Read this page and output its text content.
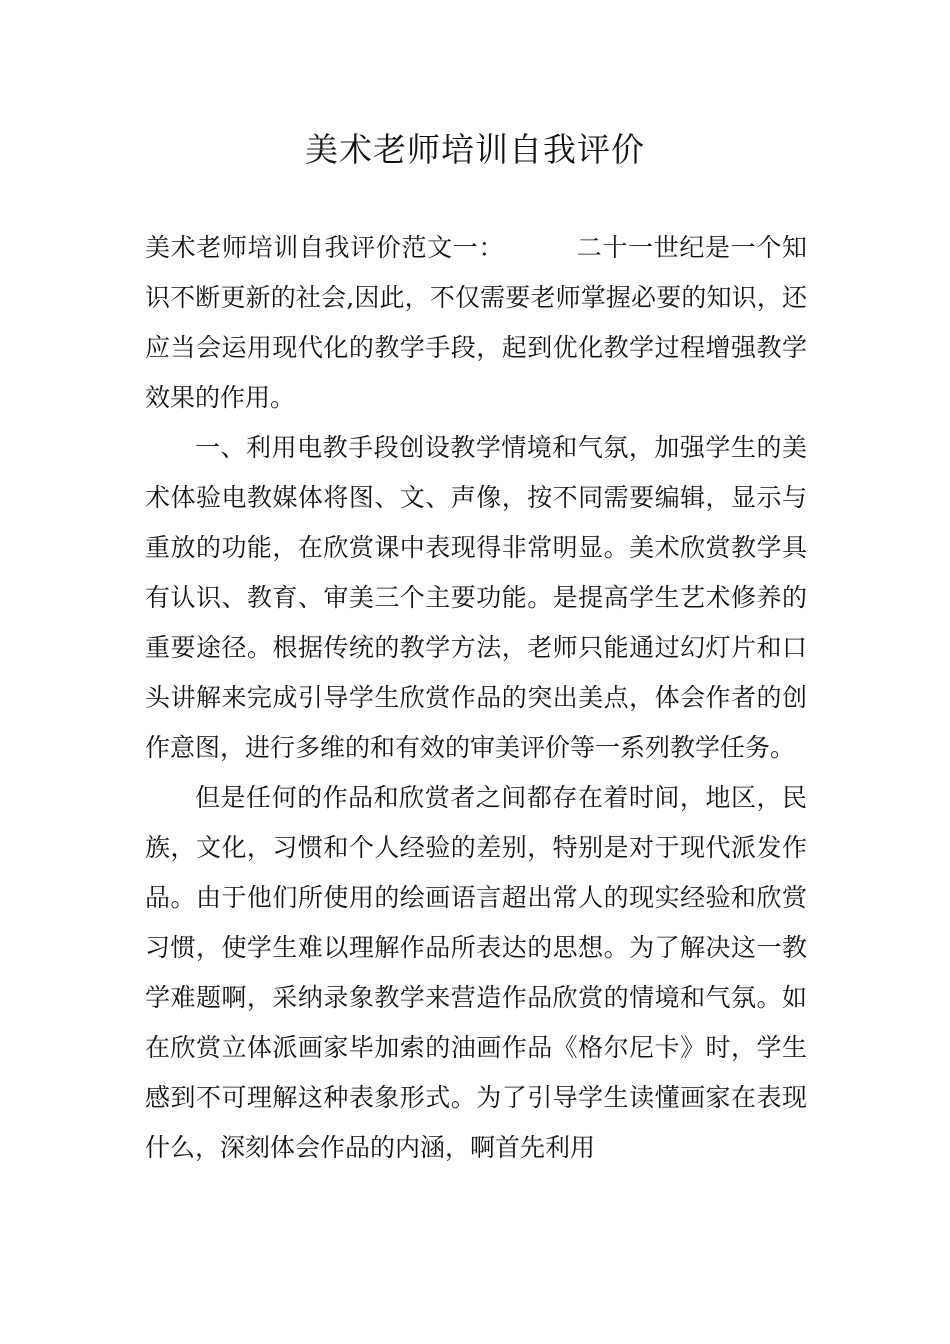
美术老师培训自我评价

美术老师培训自我评价范文一：	二十一世纪是一个知识不断更新的社会,因此，不仅需要老师掌握必要的知识，还应当会运用现代化的教学手段，起到优化教学过程增强教学效果的作用。

一、利用电教手段创设教学情境和气氛，加强学生的美术体验电教媒体将图、文、声像，按不同需要编辑，显示与重放的功能，在欣赏课中表现得非常明显。美术欣赏教学具有认识、教育、审美三个主要功能。是提高学生艺术修养的重要途径。根据传统的教学方法，老师只能通过幻灯片和口头讲解来完成引导学生欣赏作品的突出美点，体会作者的创作意图，进行多维的和有效的审美评价等一系列教学任务。

但是任何的作品和欣赏者之间都存在着时间，地区，民族，文化，习惯和个人经验的差别，特别是对于现代派发作品。由于他们所使用的绘画语言超出常人的现实经验和欣赏习惯，使学生难以理解作品所表达的思想。为了解决这一教学难题啊，采纳录象教学来营造作品欣赏的情境和气氛。如在欣赏立体派画家毕加索的油画作品《格尔尼卡》时，学生感到不可理解这种表象形式。为了引导学生读懂画家在表现什么，深刻体会作品的内涵，啊首先利用
